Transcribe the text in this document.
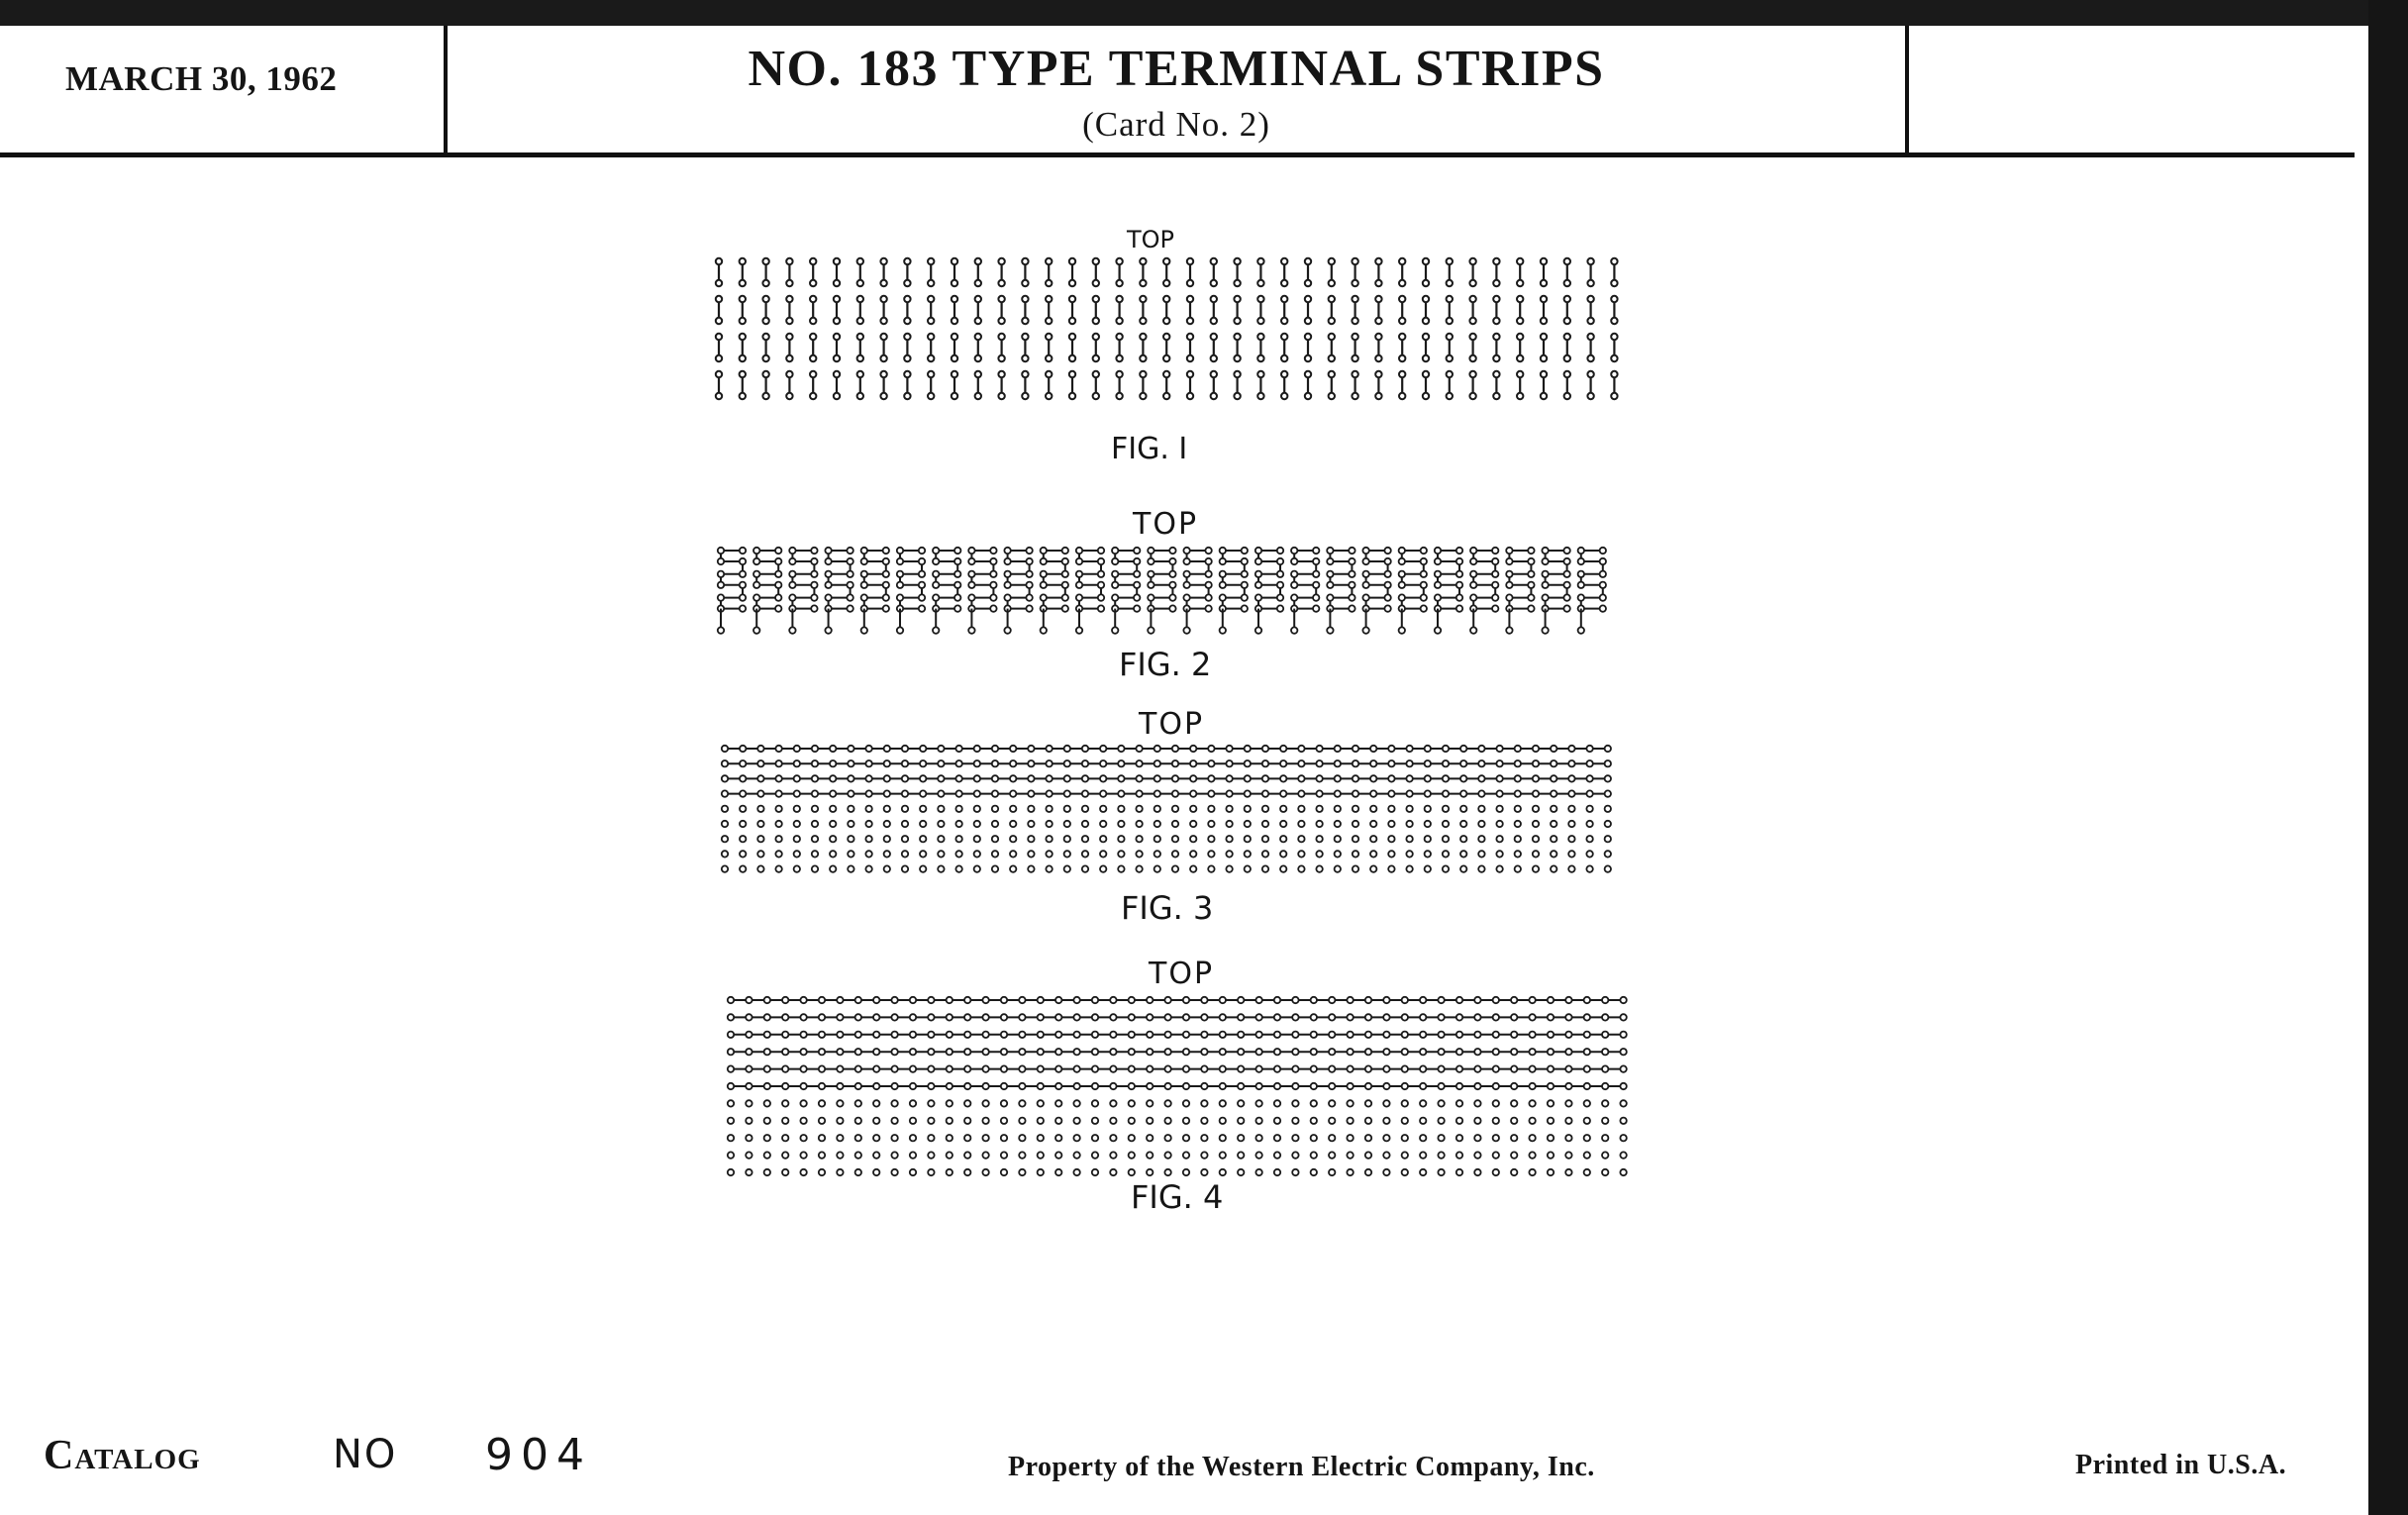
MARCH 30, 1962	NO. 183 TYPE TERMINAL STRIPS
(Card No. 2)
TOP
FIG. I
TOP
FIG. 2
TOP
FIG. 3
TOP
FIG. 4
Catalog	NO 904	Property of the Western Electric Company, Inc.	Printed in U.S.A.
